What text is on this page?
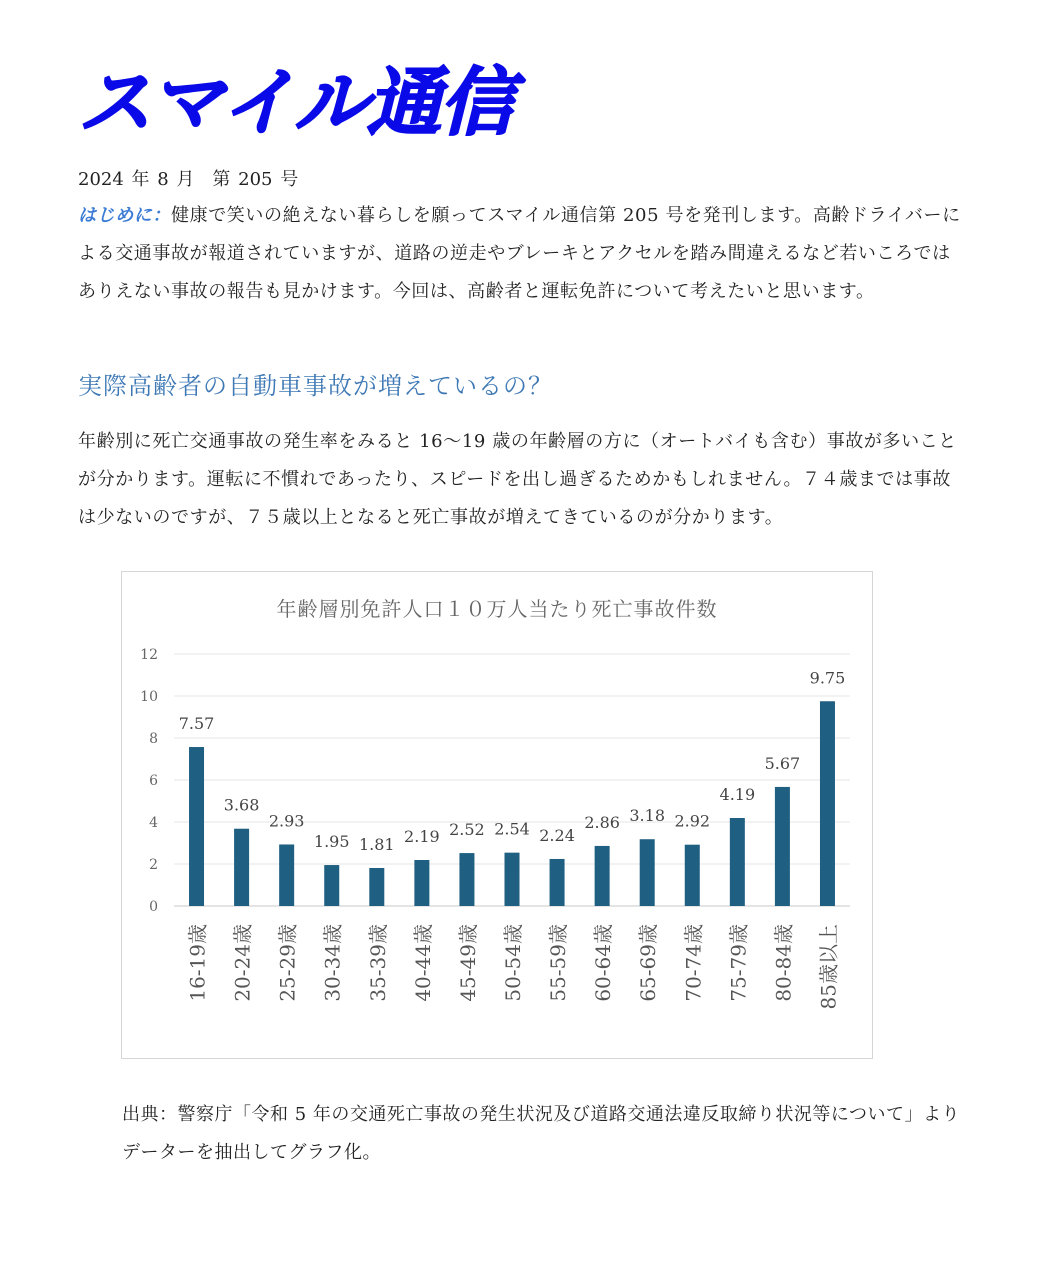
スマイル通信
2024 年 8 月　第 205 号
はじめに：健康で笑いの絶えない暮らしを願ってスマイル通信第 205 号を発刊します。高齢ドライバーによる交通事故が報道されていますが、道路の逆走やブレーキとアクセルを踏み間違えるなど若いころではありえない事故の報告も見かけます。今回は、高齢者と運転免許について考えたいと思います。
実際高齢者の自動車事故が増えているの？
年齢別に死亡交通事故の発生率をみると 16〜19 歳の年齢層の方に（オートバイも含む）事故が多いことが分かります。運転に不慣れであったり、スピードを出し過ぎるためかもしれません。７４歳までは事故は少ないのですが、７５歳以上となると死亡事故が増えてきているのが分かります。
年齢層別免許人口１０万人当たり死亡事故件数
0
2
4
6
8
10
12
7.57
16-19歳
3.68
20-24歳
2.93
25-29歳
1.95
30-34歳
1.81
35-39歳
2.19
40-44歳
2.52
45-49歳
2.54
50-54歳
2.24
55-59歳
2.86
60-64歳
3.18
65-69歳
2.92
70-74歳
4.19
75-79歳
5.67
80-84歳
9.75
85歳以上
出典：警察庁「令和 5 年の交通死亡事故の発生状況及び道路交通法違反取締り状況等について」よりデーターを抽出してグラフ化。
